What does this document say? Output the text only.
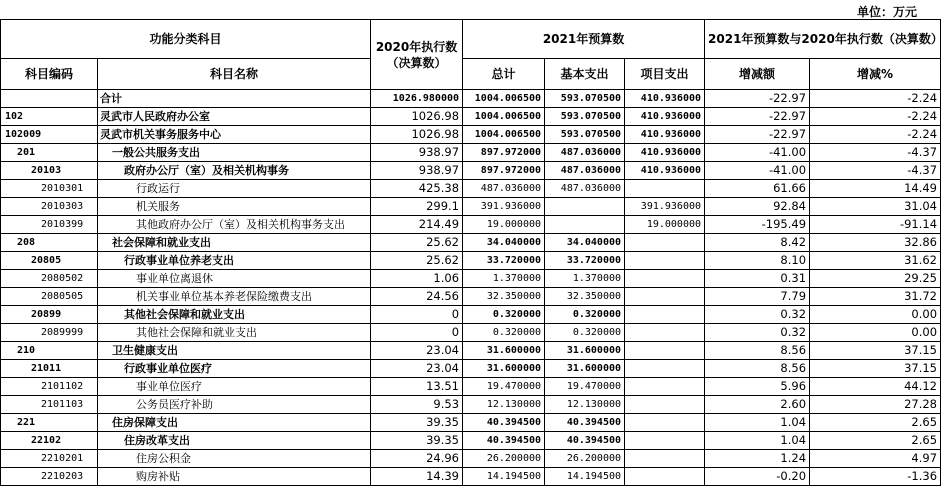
单位：万元
功能分类科目		2020年执行数（决算数）	2021年预算数			2021年预算数与2020年执行数（决算数）	
科目编码	科目名称		总计	基本支出	项目支出	增减额	增减%
	合计	1026.980000	1004.006500	593.070500	410.936000	-22.97	-2.24
102	灵武市人民政府办公室	1026.98	1004.006500	593.070500	410.936000	-22.97	-2.24
102009	灵武市机关事务服务中心	1026.98	1004.006500	593.070500	410.936000	-22.97	-2.24
201	一般公共服务支出	938.97	897.972000	487.036000	410.936000	-41.00	-4.37
20103	政府办公厅（室）及相关机构事务	938.97	897.972000	487.036000	410.936000	-41.00	-4.37
2010301	行政运行	425.38	487.036000	487.036000		61.66	14.49
2010303	机关服务	299.1	391.936000		391.936000	92.84	31.04
2010399	其他政府办公厅（室）及相关机构事务支出	214.49	19.000000		19.000000	-195.49	-91.14
208	社会保障和就业支出	25.62	34.040000	34.040000		8.42	32.86
20805	行政事业单位养老支出	25.62	33.720000	33.720000		8.10	31.62
2080502	事业单位离退休	1.06	1.370000	1.370000		0.31	29.25
2080505	机关事业单位基本养老保险缴费支出	24.56	32.350000	32.350000		7.79	31.72
20899	其他社会保障和就业支出	0	0.320000	0.320000		0.32	0.00
2089999	其他社会保障和就业支出	0	0.320000	0.320000		0.32	0.00
210	卫生健康支出	23.04	31.600000	31.600000		8.56	37.15
21011	行政事业单位医疗	23.04	31.600000	31.600000		8.56	37.15
2101102	事业单位医疗	13.51	19.470000	19.470000		5.96	44.12
2101103	公务员医疗补助	9.53	12.130000	12.130000		2.60	27.28
221	住房保障支出	39.35	40.394500	40.394500		1.04	2.65
22102	住房改革支出	39.35	40.394500	40.394500		1.04	2.65
2210201	住房公积金	24.96	26.200000	26.200000		1.24	4.97
2210203	购房补贴	14.39	14.194500	14.194500		-0.20	-1.36
